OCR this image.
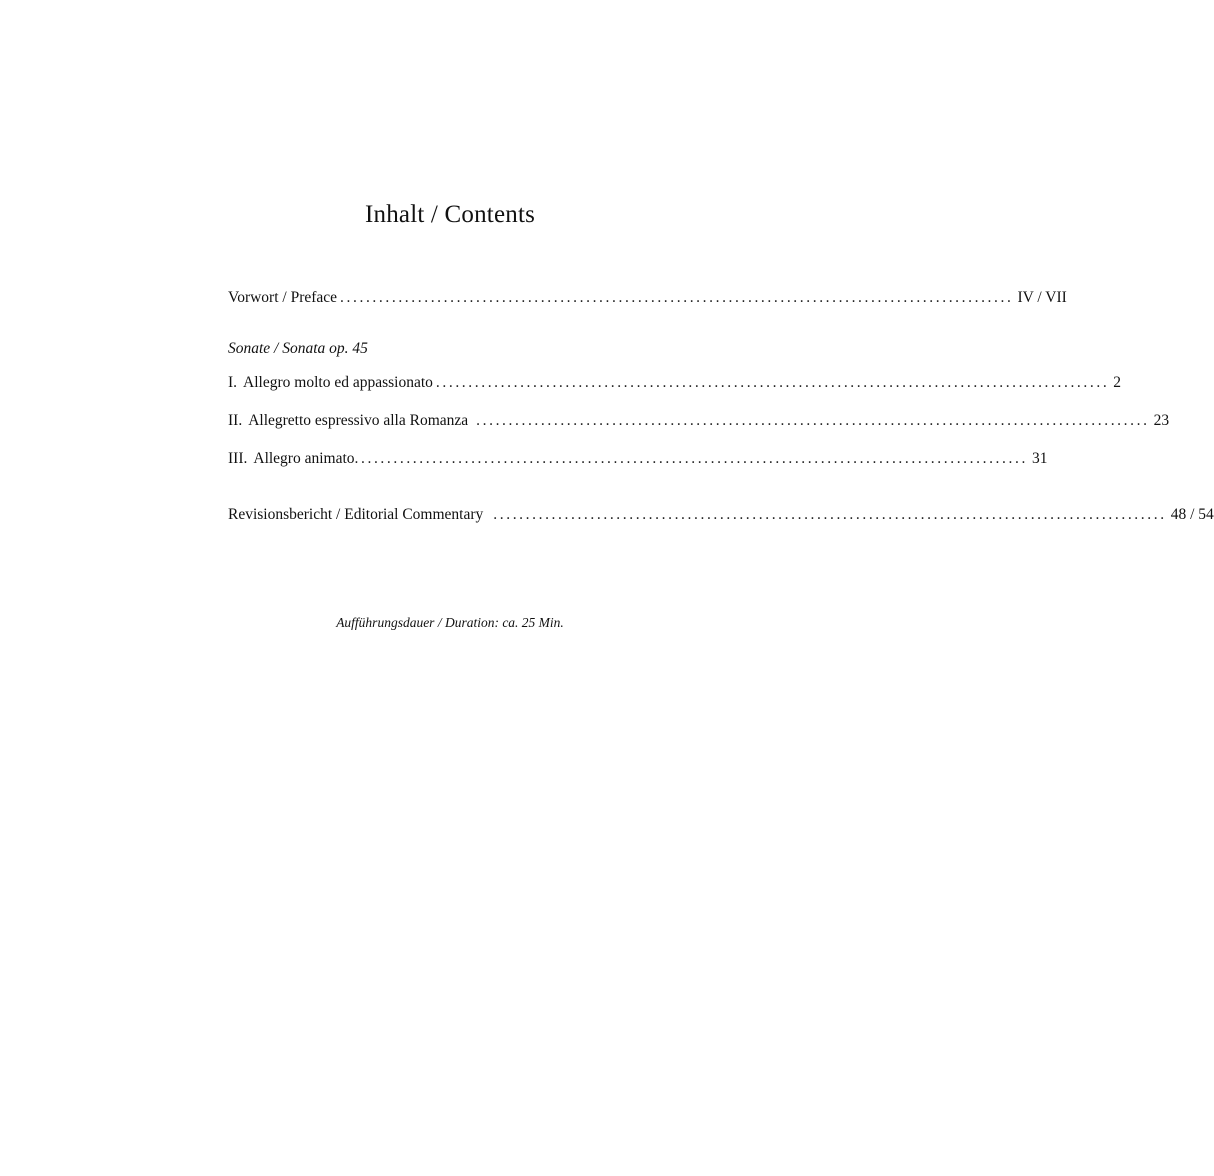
Inhalt / Contents
Vorwort / Preface ........................................................................................................ IV / VII
Sonate / Sonata op. 45
I. Allegro molto ed appassionato ........................................................................................................ 2
II. Allegretto espressivo alla Romanza ........................................................................................................ 23
III. Allegro animato ........................................................................................................ 31
Revisionsbericht / Editorial Commentary ........................................................................................................ 48 / 54
Aufführungsdauer / Duration: ca. 25 Min.
